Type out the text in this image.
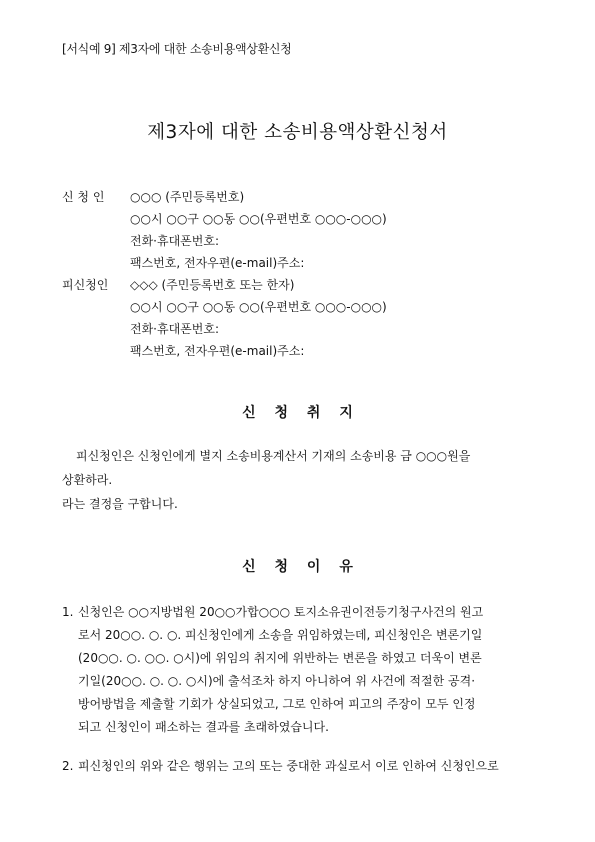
[서식예 9] 제3자에 대한 소송비용액상환신청
제3자에 대한 소송비용액상환신청서
신 청 인 ○○○ (주민등록번호)
○○시 ○○구 ○○동 ○○(우편번호 ○○○-○○○)
전화·휴대폰번호:
팩스번호, 전자우편(e-mail)주소:
피신청인 ◇◇◇ (주민등록번호 또는 한자)
○○시 ○○구 ○○동 ○○(우편번호 ○○○-○○○)
전화·휴대폰번호:
팩스번호, 전자우편(e-mail)주소:
신 청 취 지
피신청인은 신청인에게 별지 소송비용계산서 기재의 소송비용 금 ○○○원을
상환하라.
라는 결정을 구합니다.
신 청 이 유
1. 신청인은 ○○지방법원 20○○가합○○○ 토지소유권이전등기청구사건의 원고
로서 20○○. ○. ○. 피신청인에게 소송을 위임하였는데, 피신청인은 변론기일
(20○○. ○. ○○. ○시)에 위임의 취지에 위반하는 변론을 하였고 더욱이 변론
기일(20○○. ○. ○. ○시)에 출석조차 하지 아니하여 위 사건에 적절한 공격·
방어방법을 제출할 기회가 상실되었고, 그로 인하여 피고의 주장이 모두 인정
되고 신청인이 패소하는 결과를 초래하였습니다.
2. 피신청인의 위와 같은 행위는 고의 또는 중대한 과실로서 이로 인하여 신청인으로
